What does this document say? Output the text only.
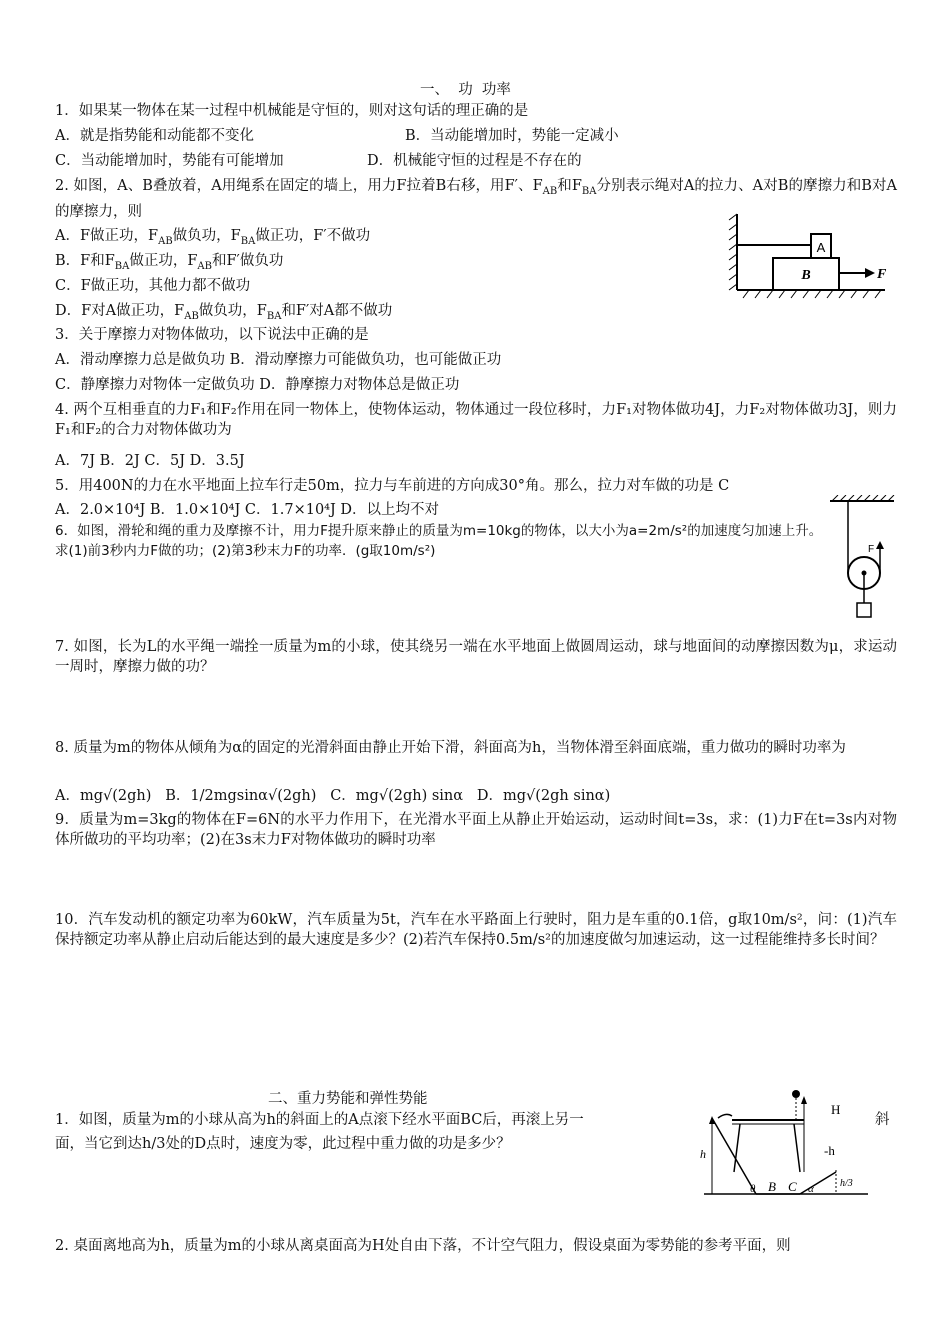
一、  功  功率
1．如果某一物体在某一过程中机械能是守恒的，则对这句话的理正确的是
A．就是指势能和动能都不变化	B．当动能增加时，势能一定减小
C．当动能增加时，势能有可能增加	D．机械能守恒的过程是不存在的
2. 如图，A、B叠放着，A用绳系在固定的墙上，用力F拉着B右移，用F′、$F_{AB}$和$F_{BA}$分别表示绳对A的拉力、A对B的摩擦力和B对A的摩擦力，则
A．F做正功，$F_{AB}$做负功，$F_{BA}$做正功，F′不做功
B．F和$F_{BA}$做正功，$F_{AB}$和F′做负功
C．F做正功，其他力都不做功
D．F对A做正功，$F_{AB}$做负功，$F_{BA}$和F′对A都不做功
A
B	F
3．关于摩擦力对物体做功，以下说法中正确的是
A．滑动摩擦力总是做负功 B．滑动摩擦力可能做负功，也可能做正功
C．静摩擦力对物体一定做负功 D．静摩擦力对物体总是做正功
4. 两个互相垂直的力F₁和F₂作用在同一物体上，使物体运动，物体通过一段位移时，力F₁对物体做功4J，力F₂对物体做功3J，则力F₁和F₂的合力对物体做功为
A．7J B．2J C．5J D．3.5J
5．用400N的力在水平地面上拉车行走50m，拉力与车前进的方向成30°角。那么，拉力对车做的功是 C
A．2.0×10⁴J B．1.0×10⁴J C．1.7×10⁴J D．以上均不对
6．如图，滑轮和绳的重力及摩擦不计，用力F提升原来静止的质量为m=10kg的物体，以大小为a=2m/s²的加速度匀加速上升。求(1)前3秒内力F做的功；(2)第3秒末力F的功率．(g取10m/s²)	F
7. 如图，长为L的水平绳一端拴一质量为m的小球，使其绕另一端在水平地面上做圆周运动，球与地面间的动摩擦因数为μ，求运动一周时，摩擦力做的功？
8. 质量为m的物体从倾角为α的固定的光滑斜面由静止开始下滑，斜面高为h，当物体滑至斜面底端，重力做功的瞬时功率为
A．mg√(2gh) B．1/2mgsinα√(2gh) C．mg√(2gh) sinα D．mg√(2gh sinα)
9．质量为m=3kg的物体在F=6N的水平力作用下，在光滑水平面上从静止开始运动，运动时间t=3s，求：(1)力F在t=3s内对物体所做功的平均功率；(2)在3s末力F对物体做功的瞬时功率
10．汽车发动机的额定功率为60kW，汽车质量为5t，汽车在水平路面上行驶时，阻力是车重的0.1倍，g取10m/s²，问：(1)汽车保持额定功率从静止启动后能达到的最大速度是多少？(2)若汽车保持0.5m/s²的加速度做匀加速运动，这一过程能维持多长时间？
二、重力势能和弹性势能
1．如图，质量为m的小球从高为h的斜面上的A点滚下经水平面BC后，再滚上另一	斜
面，当它到达h/3处的D点时，速度为零，此过程中重力做的功是多少？
h
H
-h
θ B C α	h/3
2. 桌面离地高为h，质量为m的小球从离桌面高为H处自由下落，不计空气阻力，假设桌面为零势能的参考平面，则
